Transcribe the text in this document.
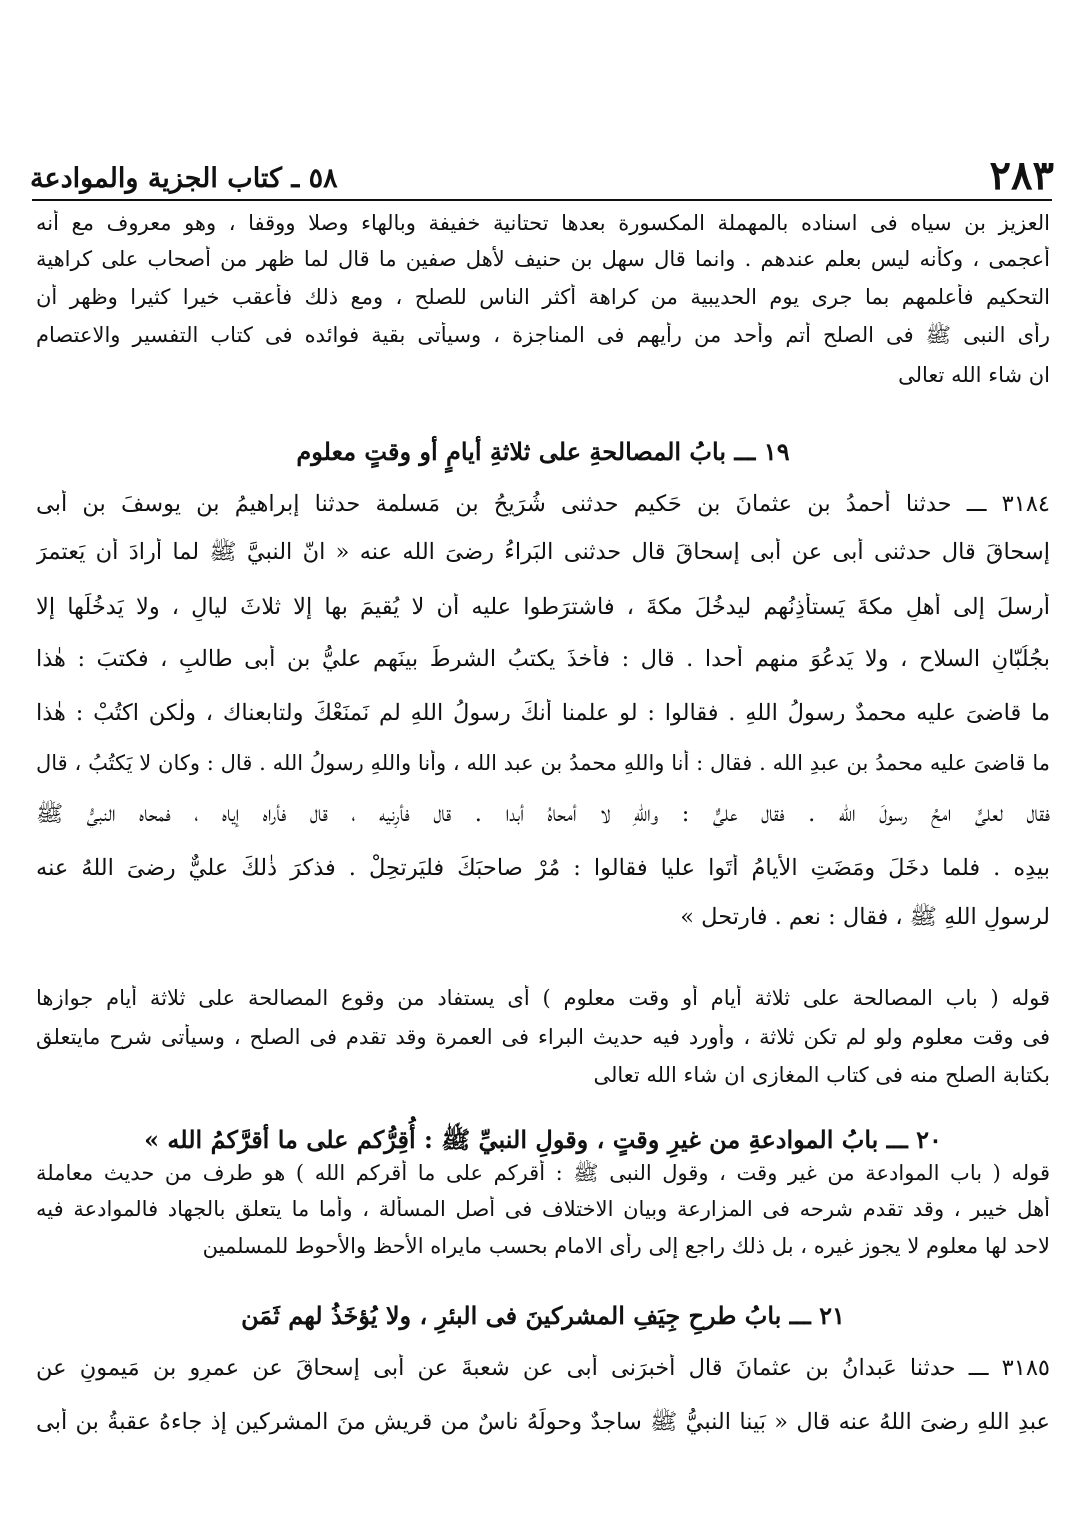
٢٨٣
٥٨ ـ كتاب الجزية والموادعة
العزيز بن سياه فى اسناده بالمهملة المكسورة بعدها تحتانية خفيفة وبالهاء وصلا ووقفا ، وهو معروف مع أنه
أعجمى ، وكأنه ليس بعلم عندهم . وانما قال سهل بن حنيف لأهل صفين ما قال لما ظهر من أصحاب على كراهية
التحكيم فأعلمهم بما جرى يوم الحديبية من كراهة أكثر الناس للصلح ، ومع ذلك فأعقب خيرا كثيرا وظهر أن
رأى النبى ﷺ فى الصلح أتم وأحد من رأيهم فى المناجزة ، وسيأتى بقية فوائده فى كتاب التفسير والاعتصام
ان شاء الله تعالى
١٩ ـــ بابُ المصالحةِ على ثلاثةِ أيامٍ أو وقتٍ معلوم
٣١٨٤ ـــ حدثنا أحمدُ بن عثمانَ بنِ حَكيم حدثنى شُرَيحُ بن مَسلمة حدثنا إبراهيمُ بن يوسفَ بن أبى
إسحاقَ قال حدثنى أبى عن أبى إسحاقَ قال حدثنى البَراءُ رضىَ الله عنه « انّ النبيَّ ﷺ لما أرادَ أن يَعتمرَ
أرسلَ إلى أهلِ مكةَ يَستأذِنُهم ليدخُلَ مكةَ ، فاشترَطوا عليه أن لا يُقيمَ بها إلا ثلاثَ ليالٍ ، ولا يَدخُلَها إلا
بجُلُبّانِ السلاح ، ولا يَدعُوَ منهم أحدا . قال : فأخذَ يكتبُ الشرطَ بينَهم عليُّ بن أبى طالبٍ ، فكتبَ : هٰذا
ما قاضىَ عليه محمدٌ رسولُ اللهِ . فقالوا : لو علمنا أنكَ رسولُ اللهِ لم نَمنَعْكَ ولتابعناك ، ولٰكنِ اكتُبْ : هٰذا
ما قاضىَ عليه محمدُ بن عبدِ الله . فقال : أنا واللهِ محمدُ بن عبد الله ، وأنا واللهِ رسولُ الله . قال : وكان لا يَكتُبُ ، قال
فقال لعليٍّ امحُ رسولَ الله . فقال عليٌّ : واللهِ لا أمحاهُ أبدا . قال فأرِنيه ، قال فأراه إياه ، فمحاه النبيُّ ﷺ
بيدِه . فلما دخَلَ ومَضَتِ الأيامُ أتَوا عليا فقالوا : مُرْ صاحبَكَ فليَرتحِلْ . فذكرَ ذٰلكَ عليٌّ رضىَ اللهُ عنه
لرسولِ اللهِ ﷺ ، فقال : نعم . فارتحل »
قوله ( باب المصالحة على ثلاثة أيام أو وقت معلوم ) أى يستفاد من وقوع المصالحة على ثلاثة أيام جوازها
فى وقت معلوم ولو لم تكن ثلاثة ، وأورد فيه حديث البراء فى العمرة وقد تقدم فى الصلح ، وسيأتى شرح مايتعلق
بكتابة الصلح منه فى كتاب المغازى ان شاء الله تعالى
٢٠ ـــ بابُ الموادعةِ من غيرِ وقتٍ ، وقولِ النبيِّ ﷺ : أُقِرُّكم على ما أقرَّكمُ الله »
قوله ( باب الموادعة من غير وقت ، وقول النبى ﷺ : أقركم على ما أقركم الله ) هو طرف من حديث معاملة
أهل خيبر ، وقد تقدم شرحه فى المزارعة وبيان الاختلاف فى أصل المسألة ، وأما ما يتعلق بالجهاد فالموادعة فيه
لاحد لها معلوم لا يجوز غيره ، بل ذلك راجع إلى رأى الامام بحسب مايراه الأحظ والأحوط للمسلمين
٢١ ـــ بابُ طرحِ جِيَفِ المشركينَ فى البئرِ ، ولا يُؤخَذُ لهم ثَمَن
٣١٨٥ ـــ حدثنا عَبدانُ بن عثمانَ قال أخبرَنى أبى عن شعبةَ عن أبى إسحاقَ عن عمرِو بنِ مَيمونٍ عن
عبدِ اللهِ رضىَ اللهُ عنه قال « بَينا النبيُّ ﷺ ساجدٌ وحولَهُ ناسٌ من قريشٍ منَ المشركين إذ جاءهُ عقبةُ بن أبى
